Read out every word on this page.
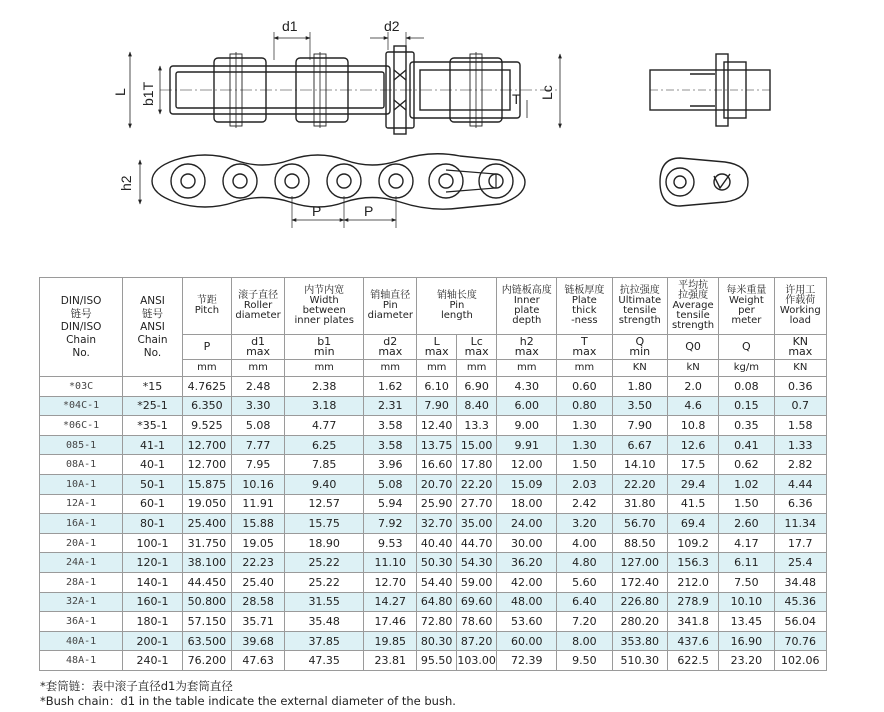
d1	d2
L b1T	T Lc
h2
P	P
DIN/ISO
链号
DIN/ISO
Chain
No.	ANSI
链号
ANSI
Chain
No.	节距
Pitch	滚子直径
Roller
diameter	内节内宽
Width
between
inner plates	销轴直径
Pin
diameter	销轴长度
Pin
length		内链板高度
Inner
plate
depth	链板厚度
Plate
thick
-ness	抗拉强度
Ultimate
tensile
strength	平均抗
拉强度
Average
tensile
strength	每米重量
Weight
per
meter	许用工
作载荷
Working
load
		P	d1
max	b1
min	d2
max	L
max	Lc
max	h2
max	T
max	Q
min	Q0	Q	KN
max
		mm	mm	mm	mm	mm	mm	mm	mm	KN	kN	kg/m	KN
*03C	*15	4.7625	2.48	2.38	1.62	6.10	6.90	4.30	0.60	1.80	2.0	0.08	0.36
*04C-1	*25-1	6.350	3.30	3.18	2.31	7.90	8.40	6.00	0.80	3.50	4.6	0.15	0.7
*06C-1	*35-1	9.525	5.08	4.77	3.58	12.40	13.3	9.00	1.30	7.90	10.8	0.35	1.58
085-1	41-1	12.700	7.77	6.25	3.58	13.75	15.00	9.91	1.30	6.67	12.6	0.41	1.33
08A-1	40-1	12.700	7.95	7.85	3.96	16.60	17.80	12.00	1.50	14.10	17.5	0.62	2.82
10A-1	50-1	15.875	10.16	9.40	5.08	20.70	22.20	15.09	2.03	22.20	29.4	1.02	4.44
12A-1	60-1	19.050	11.91	12.57	5.94	25.90	27.70	18.00	2.42	31.80	41.5	1.50	6.36
16A-1	80-1	25.400	15.88	15.75	7.92	32.70	35.00	24.00	3.20	56.70	69.4	2.60	11.34
20A-1	100-1	31.750	19.05	18.90	9.53	40.40	44.70	30.00	4.00	88.50	109.2	4.17	17.7
24A-1	120-1	38.100	22.23	25.22	11.10	50.30	54.30	36.20	4.80	127.00	156.3	6.11	25.4
28A-1	140-1	44.450	25.40	25.22	12.70	54.40	59.00	42.00	5.60	172.40	212.0	7.50	34.48
32A-1	160-1	50.800	28.58	31.55	14.27	64.80	69.60	48.00	6.40	226.80	278.9	10.10	45.36
36A-1	180-1	57.150	35.71	35.48	17.46	72.80	78.60	53.60	7.20	280.20	341.8	13.45	56.04
40A-1	200-1	63.500	39.68	37.85	19.85	80.30	87.20	60.00	8.00	353.80	437.6	16.90	70.76
48A-1	240-1	76.200	47.63	47.35	23.81	95.50	103.00	72.39	9.50	510.30	622.5	23.20	102.06
*套筒链：表中滚子直径d1为套筒直径
*Bush chain：d1 in the table indicate the external diameter of the bush.
